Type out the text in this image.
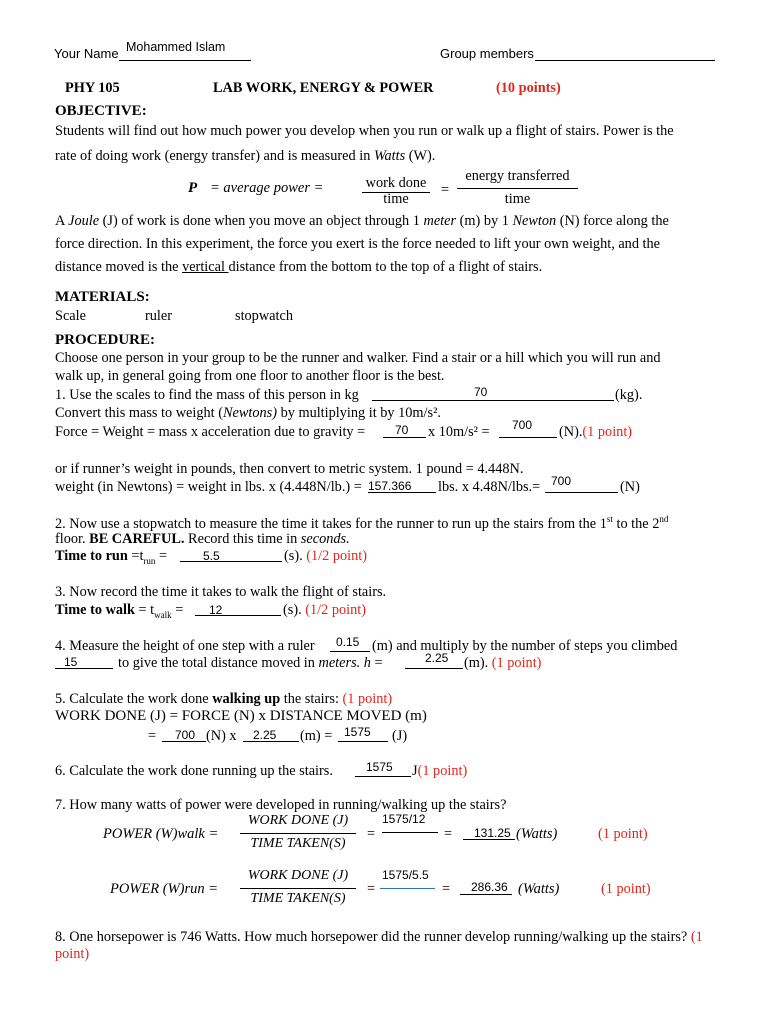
Your Name Mohammed Islam	Group members
PHY 105	LAB WORK, ENERGY & POWER	(10 points)
OBJECTIVE:
Students will find out how much power you develop when you run or walk up a flight of stairs. Power is the
rate of doing work (energy transfer) and is measured in Watts (W).
P = average power =	work done
time
=
energy transferred
time
A Joule (J) of work is done when you move an object through 1 meter (m) by 1 Newton (N) force along the
force direction. In this experiment, the force you exert is the force needed to lift your own weight, and the
distance moved is the vertical distance from the bottom to the top of a flight of stairs.
MATERIALS:
Scale	ruler	stopwatch
PROCEDURE:
Choose one person in your group to be the runner and walker. Find a stair or a hill which you will run and
walk up, in general going from one floor to another floor is the best.
1. Use the scales to find the mass of this person in kg	70	(kg).
Convert this mass to weight (Newtons) by multiplying it by 10m/s².
Force = Weight = mass x acceleration due to gravity = 70 x 10m/s² = 700 (N).(1 point)
or if runner’s weight in pounds, then convert to metric system. 1 pound = 4.448N.
weight (in Newtons) = weight in lbs. x (4.448N/lb.) = 157.366 lbs. x 4.48N/lbs.= 700	(N)
2. Now use a stopwatch to measure the time it takes for the runner to run up the stairs from the 1st to the 2nd
floor. BE CAREFUL. Record this time in seconds.
Time to run $=t_{run}$ =	5.5	(s). (1/2 point)
3. Now record the time it takes to walk the flight of stairs.
Time to walk = $t_{walk} = 12$	(s). (1/2 point)
4. Measure the height of one step with a ruler 0.15 (m) and multiply by the number of steps you climbed
15	to give the total distance moved in meters. h =	2.25 (m). (1 point)
5. Calculate the work done walking up the stairs: (1 point)
WORK DONE (J) = FORCE (N) x DISTANCE MOVED (m)
= 700 (N) x 2.25 (m) = 1575 (J)
6. Calculate the work done running up the stairs.	1575 J(1 point)
7. How many watts of power were developed in running/walking up the stairs?
POWER (W)walk =
WORK DONE (J)
TIME TAKEN(S)
=
1575/12
= 131.25 (Watts)	(1 point)
POWER (W)run =
WORK DONE (J)
TIME TAKEN(S)
=
1575/5.5
= 286.36 (Watts)	(1 point)
8. One horsepower is 746 Watts. How much horsepower did the runner develop running/walking up the stairs? (1
point)
